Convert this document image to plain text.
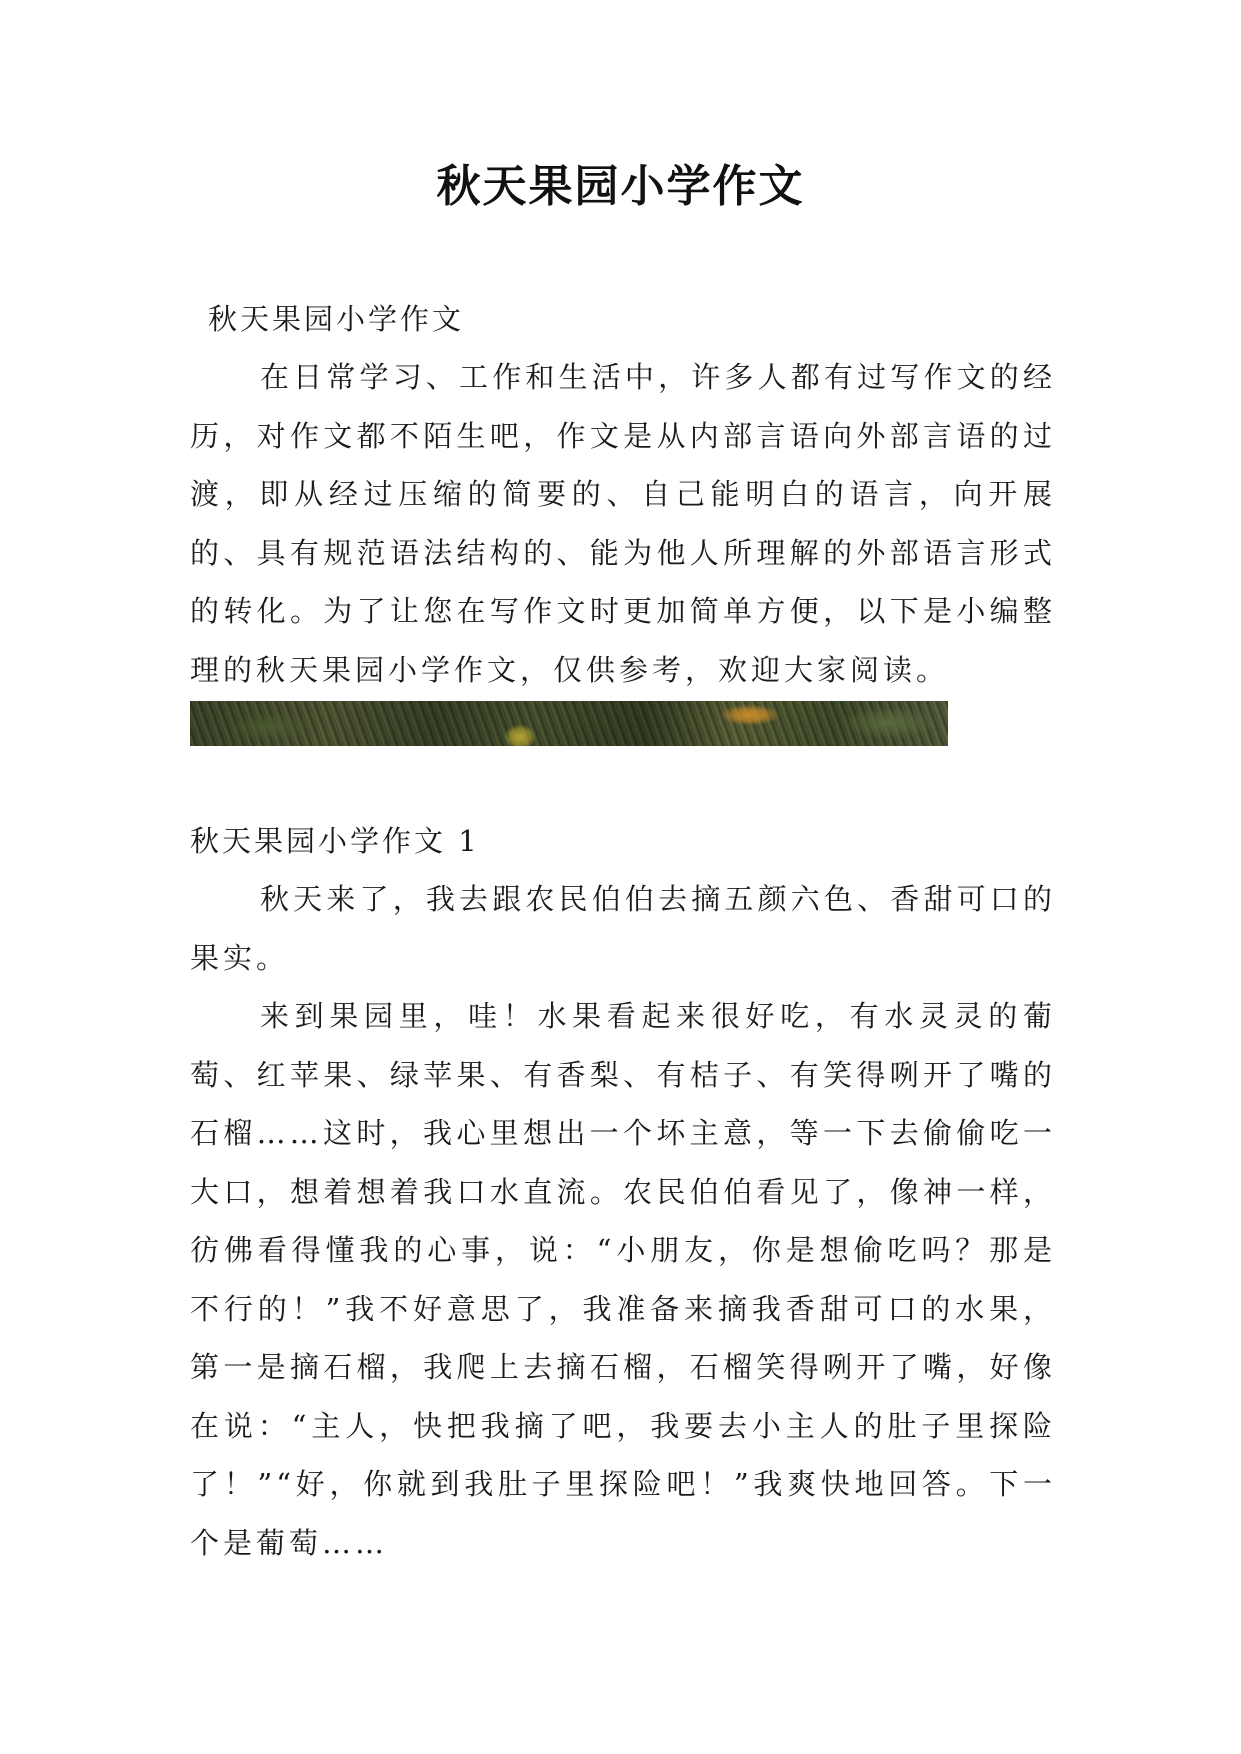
秋天果园小学作文
秋天果园小学作文

在日常学习、工作和生活中，许多人都有过写作文的经历，对作文都不陌生吧，作文是从内部言语向外部言语的过渡，即从经过压缩的简要的、自己能明白的语言，向开展的、具有规范语法结构的、能为他人所理解的外部语言形式的转化。为了让您在写作文时更加简单方便，以下是小编整理的秋天果园小学作文，仅供参考，欢迎大家阅读。

秋天果园小学作文 1

秋天来了，我去跟农民伯伯去摘五颜六色、香甜可口的果实。

来到果园里，哇！水果看起来很好吃，有水灵灵的葡萄、红苹果、绿苹果、有香梨、有桔子、有笑得咧开了嘴的石榴……这时，我心里想出一个坏主意，等一下去偷偷吃一大口，想着想着我口水直流。农民伯伯看见了，像神一样，彷佛看得懂我的心事，说：“小朋友，你是想偷吃吗？那是不行的！”我不好意思了，我准备来摘我香甜可口的水果，第一是摘石榴，我爬上去摘石榴，石榴笑得咧开了嘴，好像在说：“主人，快把我摘了吧，我要去小主人的肚子里探险了！”“好，你就到我肚子里探险吧！”我爽快地回答。下一个是葡萄……
